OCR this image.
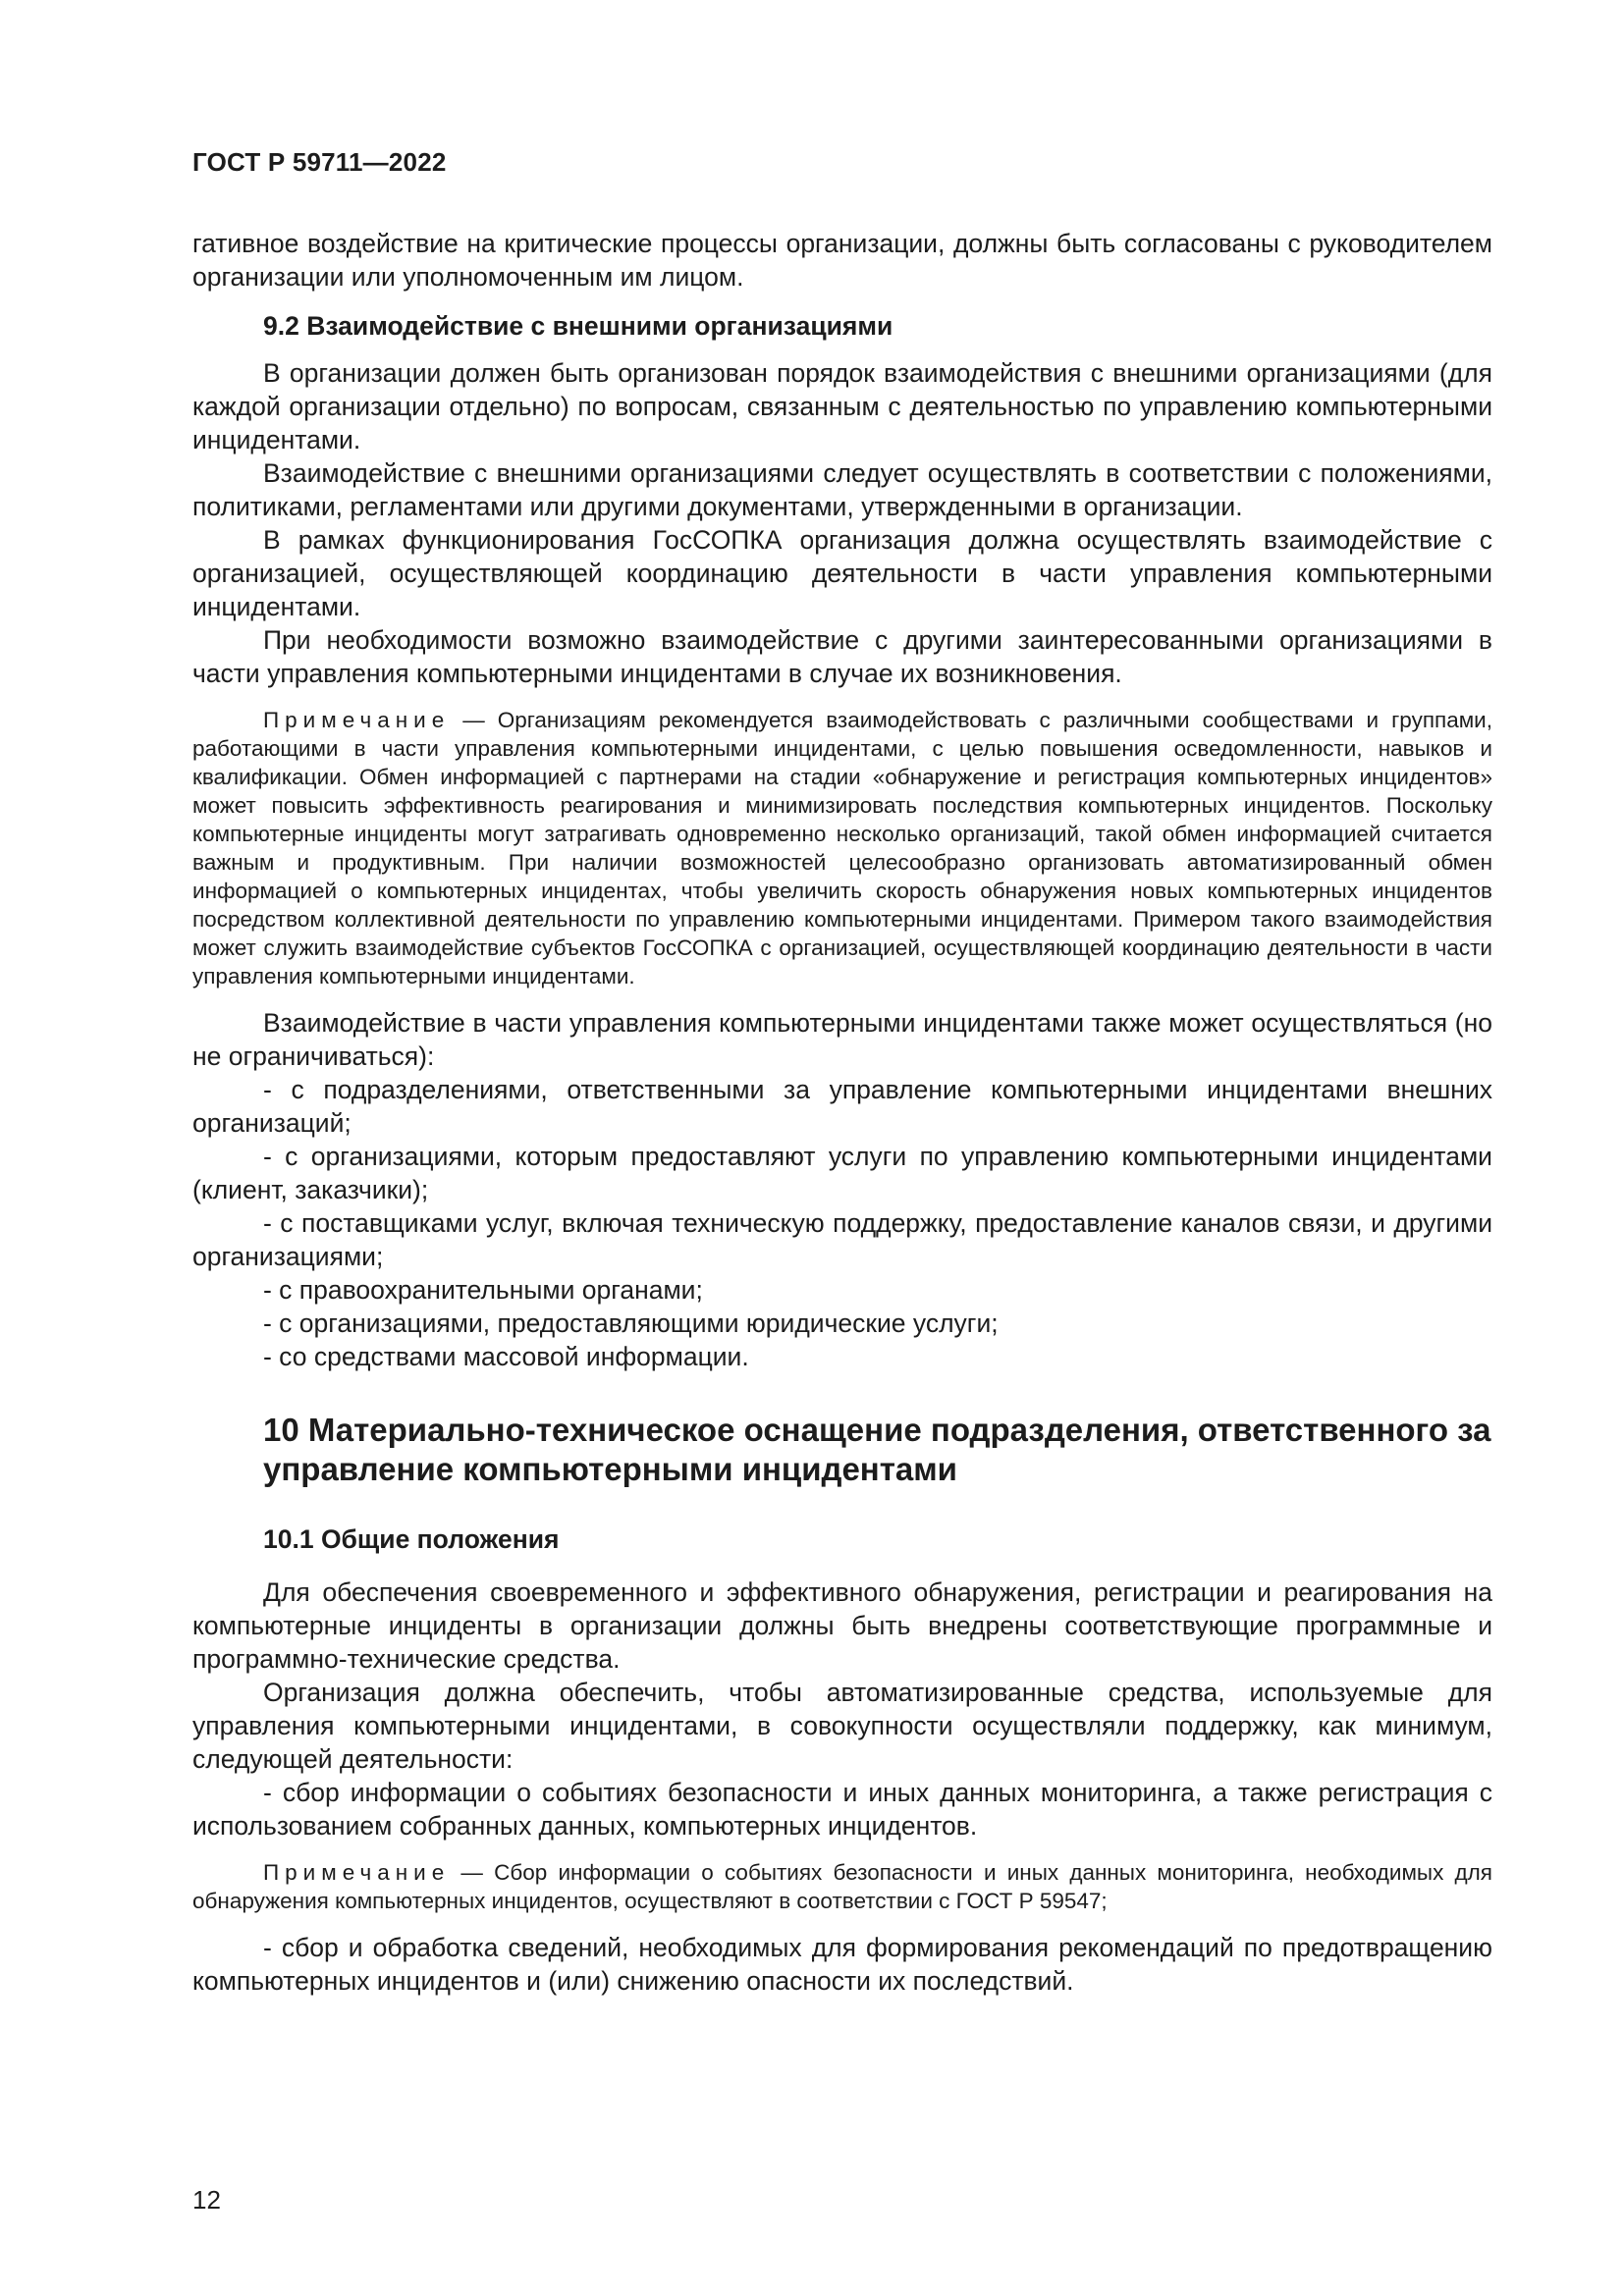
ГОСТ Р 59711—2022

гативное воздействие на критические процессы организации, должны быть согласованы с руководителем организации или уполномоченным им лицом.

9.2 Взаимодействие с внешними организациями

В организации должен быть организован порядок взаимодействия с внешними организациями (для каждой организации отдельно) по вопросам, связанным с деятельностью по управлению компьютерными инцидентами.

Взаимодействие с внешними организациями следует осуществлять в соответствии с положениями, политиками, регламентами или другими документами, утвержденными в организации.

В рамках функционирования ГосСОПКА организация должна осуществлять взаимодействие с организацией, осуществляющей координацию деятельности в части управления компьютерными инцидентами.

При необходимости возможно взаимодействие с другими заинтересованными организациями в части управления компьютерными инцидентами в случае их возникновения.

Примечание — Организациям рекомендуется взаимодействовать с различными сообществами и группами, работающими в части управления компьютерными инцидентами, с целью повышения осведомленности, навыков и квалификации. Обмен информацией с партнерами на стадии «обнаружение и регистрация компьютерных инцидентов» может повысить эффективность реагирования и минимизировать последствия компьютерных инцидентов. Поскольку компьютерные инциденты могут затрагивать одновременно несколько организаций, такой обмен информацией считается важным и продуктивным. При наличии возможностей целесообразно организовать автоматизированный обмен информацией о компьютерных инцидентах, чтобы увеличить скорость обнаружения новых компьютерных инцидентов посредством коллективной деятельности по управлению компьютерными инцидентами. Примером такого взаимодействия может служить взаимодействие субъектов ГосСОПКА с организацией, осуществляющей координацию деятельности в части управления компьютерными инцидентами.

Взаимодействие в части управления компьютерными инцидентами также может осуществляться (но не ограничиваться):

- с подразделениями, ответственными за управление компьютерными инцидентами внешних организаций;

- с организациями, которым предоставляют услуги по управлению компьютерными инцидентами (клиент, заказчики);

- с поставщиками услуг, включая техническую поддержку, предоставление каналов связи, и другими организациями;

- с правоохранительными органами;

- с организациями, предоставляющими юридические услуги;

- со средствами массовой информации.

10 Материально-техническое оснащение подразделения, ответственного за управление компьютерными инцидентами

10.1 Общие положения

Для обеспечения своевременного и эффективного обнаружения, регистрации и реагирования на компьютерные инциденты в организации должны быть внедрены соответствующие программные и программно-технические средства.

Организация должна обеспечить, чтобы автоматизированные средства, используемые для управления компьютерными инцидентами, в совокупности осуществляли поддержку, как минимум, следующей деятельности:

- сбор информации о событиях безопасности и иных данных мониторинга, а также регистрация с использованием собранных данных, компьютерных инцидентов.

Примечание — Сбор информации о событиях безопасности и иных данных мониторинга, необходимых для обнаружения компьютерных инцидентов, осуществляют в соответствии с ГОСТ Р 59547;

- сбор и обработка сведений, необходимых для формирования рекомендаций по предотвращению компьютерных инцидентов и (или) снижению опасности их последствий.

12
